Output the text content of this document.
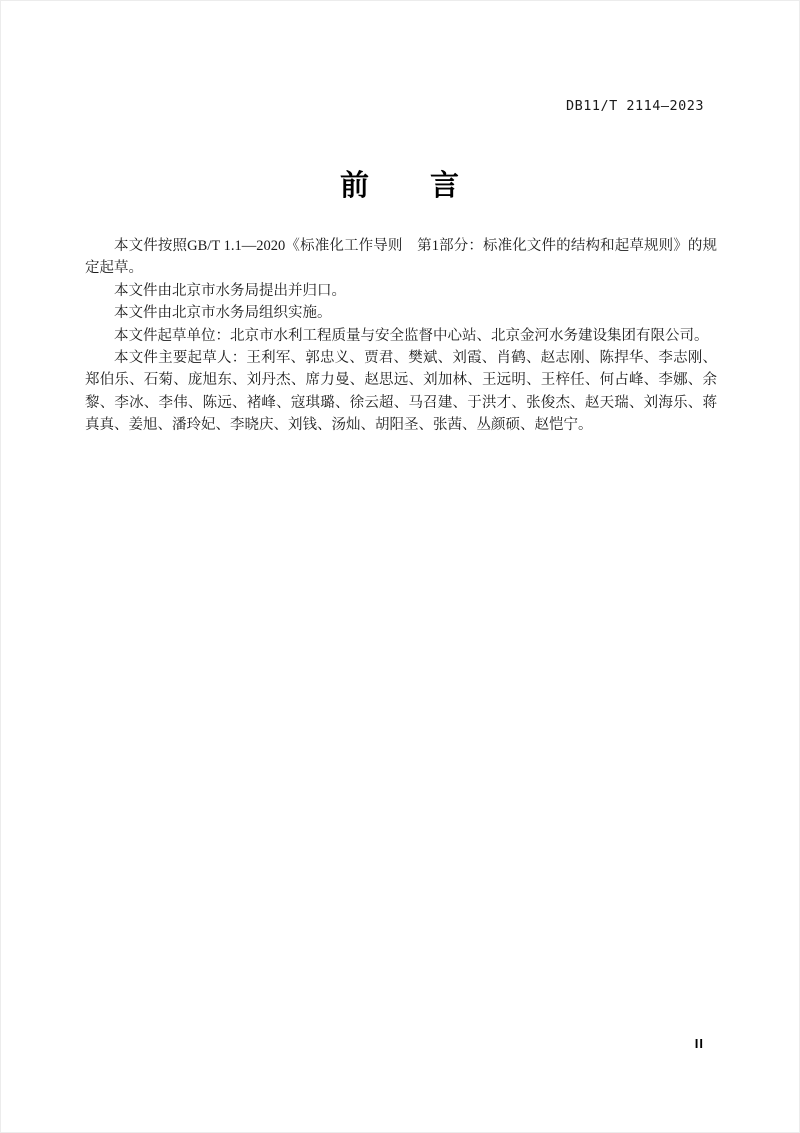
DB11/T 2114—2023
前　　言

本文件按照GB/T 1.1—2020《标准化工作导则　第1部分：标准化文件的结构和起草规则》的规定起草。

本文件由北京市水务局提出并归口。

本文件由北京市水务局组织实施。

本文件起草单位：北京市水利工程质量与安全监督中心站、北京金河水务建设集团有限公司。

本文件主要起草人：王利军、郭忠义、贾君、樊斌、刘霞、肖鹤、赵志刚、陈捍华、李志刚、郑伯乐、石菊、庞旭东、刘丹杰、席力曼、赵思远、刘加林、王远明、王梓任、何占峰、李娜、余黎、李冰、李伟、陈远、褚峰、寇琪璐、徐云超、马召建、于洪才、张俊杰、赵天瑞、刘海乐、蒋真真、姜旭、潘玲妃、李晓庆、刘钱、汤灿、胡阳圣、张茜、丛颜硕、赵恺宁。

II
